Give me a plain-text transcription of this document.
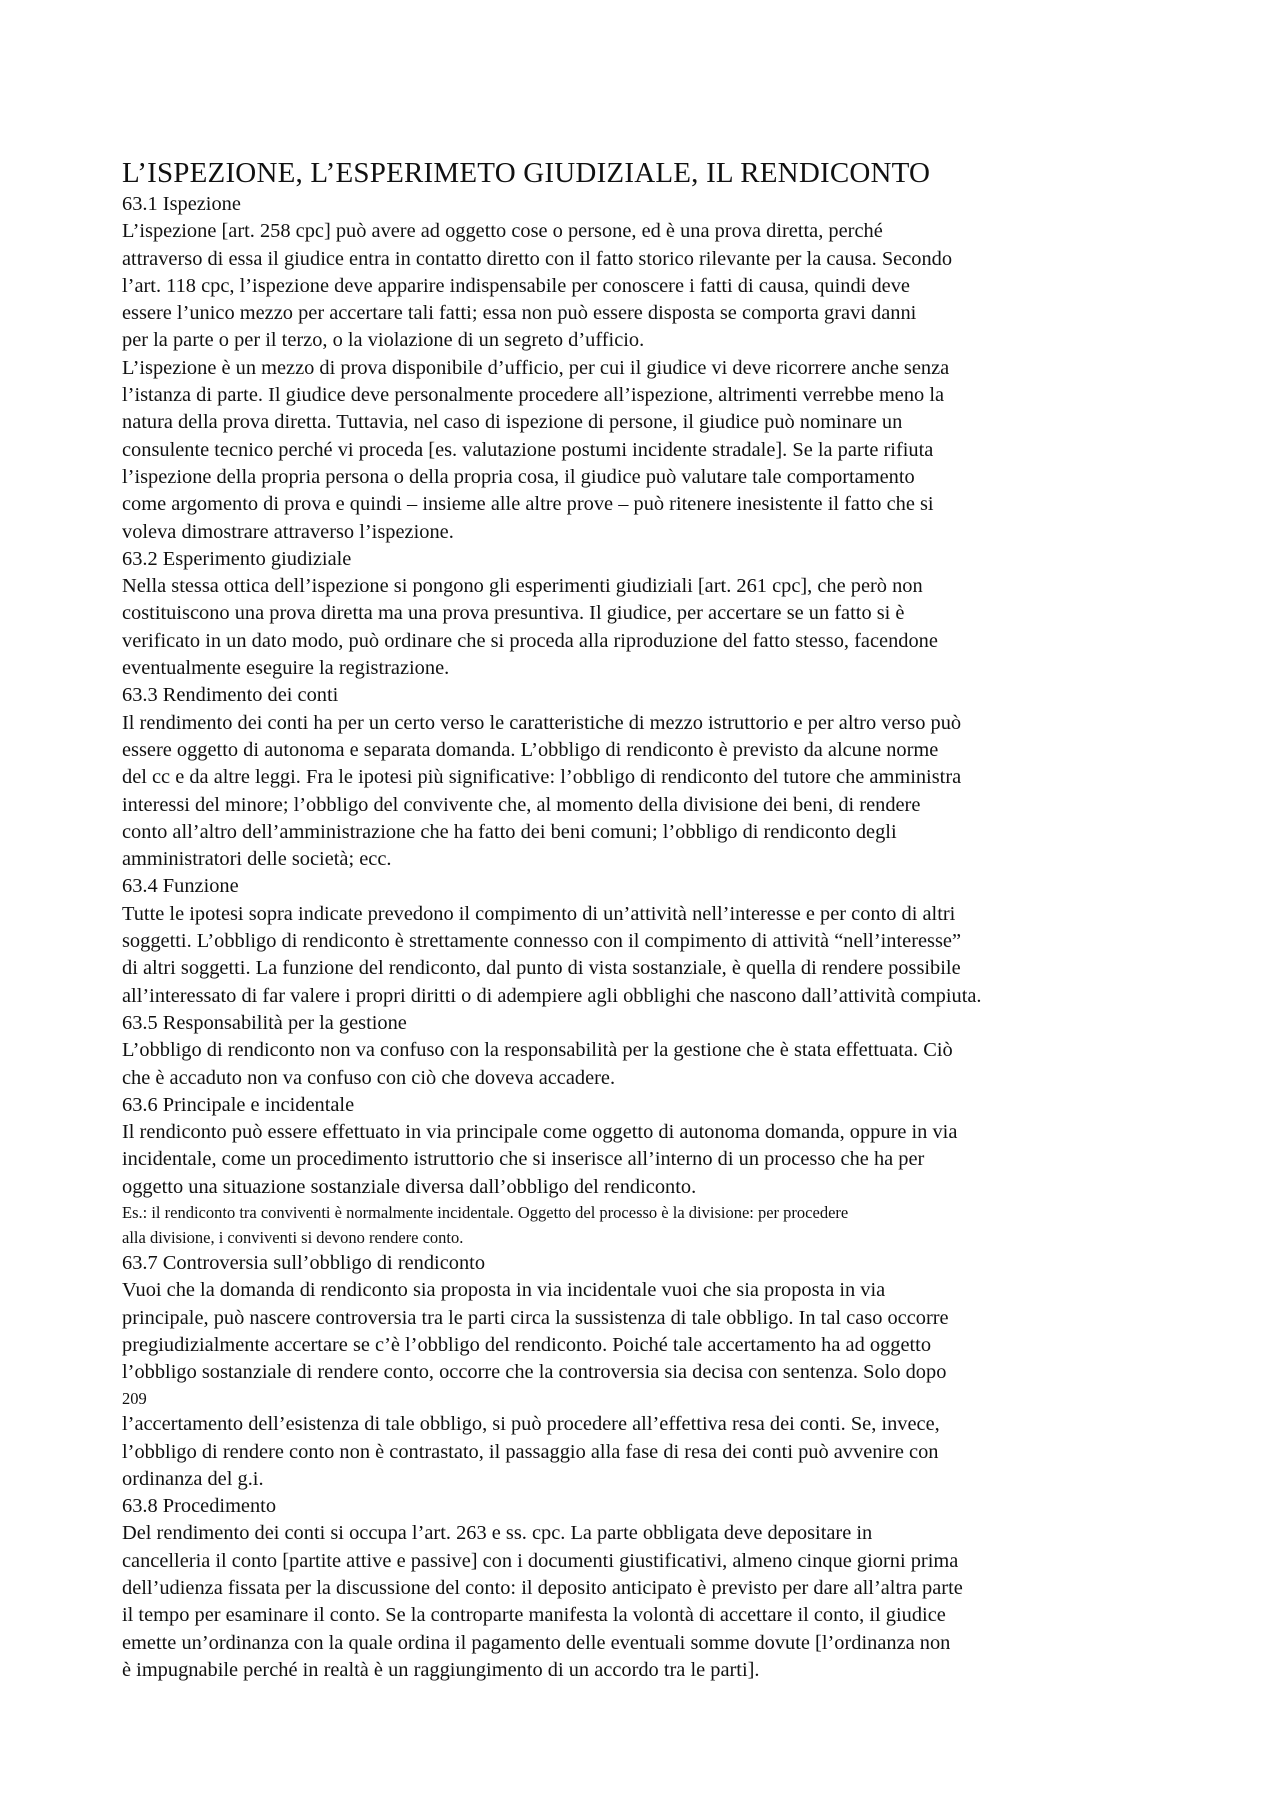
L’ISPEZIONE, L’ESPERIMETO GIUDIZIALE, IL RENDICONTO
63.1 Ispezione
L’ispezione [art. 258 cpc] può avere ad oggetto cose o persone, ed è una prova diretta, perché
attraverso di essa il giudice entra in contatto diretto con il fatto storico rilevante per la causa. Secondo
l’art. 118 cpc, l’ispezione deve apparire indispensabile per conoscere i fatti di causa, quindi deve
essere l’unico mezzo per accertare tali fatti; essa non può essere disposta se comporta gravi danni
per la parte o per il terzo, o la violazione di un segreto d’ufficio.
L’ispezione è un mezzo di prova disponibile d’ufficio, per cui il giudice vi deve ricorrere anche senza
l’istanza di parte. Il giudice deve personalmente procedere all’ispezione, altrimenti verrebbe meno la
natura della prova diretta. Tuttavia, nel caso di ispezione di persone, il giudice può nominare un
consulente tecnico perché vi proceda [es. valutazione postumi incidente stradale]. Se la parte rifiuta
l’ispezione della propria persona o della propria cosa, il giudice può valutare tale comportamento
come argomento di prova e quindi – insieme alle altre prove – può ritenere inesistente il fatto che si
voleva dimostrare attraverso l’ispezione.
63.2 Esperimento giudiziale
Nella stessa ottica dell’ispezione si pongono gli esperimenti giudiziali [art. 261 cpc], che però non
costituiscono una prova diretta ma una prova presuntiva. Il giudice, per accertare se un fatto si è
verificato in un dato modo, può ordinare che si proceda alla riproduzione del fatto stesso, facendone
eventualmente eseguire la registrazione.
63.3 Rendimento dei conti
Il rendimento dei conti ha per un certo verso le caratteristiche di mezzo istruttorio e per altro verso può
essere oggetto di autonoma e separata domanda. L’obbligo di rendiconto è previsto da alcune norme
del cc e da altre leggi. Fra le ipotesi più significative: l’obbligo di rendiconto del tutore che amministra
interessi del minore; l’obbligo del convivente che, al momento della divisione dei beni, di rendere
conto all’altro dell’amministrazione che ha fatto dei beni comuni; l’obbligo di rendiconto degli
amministratori delle società; ecc.
63.4 Funzione
Tutte le ipotesi sopra indicate prevedono il compimento di un’attività nell’interesse e per conto di altri
soggetti. L’obbligo di rendiconto è strettamente connesso con il compimento di attività “nell’interesse”
di altri soggetti. La funzione del rendiconto, dal punto di vista sostanziale, è quella di rendere possibile
all’interessato di far valere i propri diritti o di adempiere agli obblighi che nascono dall’attività compiuta.
63.5 Responsabilità per la gestione
L’obbligo di rendiconto non va confuso con la responsabilità per la gestione che è stata effettuata. Ciò
che è accaduto non va confuso con ciò che doveva accadere.
63.6 Principale e incidentale
Il rendiconto può essere effettuato in via principale come oggetto di autonoma domanda, oppure in via
incidentale, come un procedimento istruttorio che si inserisce all’interno di un processo che ha per
oggetto una situazione sostanziale diversa dall’obbligo del rendiconto.
Es.: il rendiconto tra conviventi è normalmente incidentale. Oggetto del processo è la divisione: per procedere
alla divisione, i conviventi si devono rendere conto.
63.7 Controversia sull’obbligo di rendiconto
Vuoi che la domanda di rendiconto sia proposta in via incidentale vuoi che sia proposta in via
principale, può nascere controversia tra le parti circa la sussistenza di tale obbligo. In tal caso occorre
pregiudizialmente accertare se c’è l’obbligo del rendiconto. Poiché tale accertamento ha ad oggetto
l’obbligo sostanziale di rendere conto, occorre che la controversia sia decisa con sentenza. Solo dopo
209
l’accertamento dell’esistenza di tale obbligo, si può procedere all’effettiva resa dei conti. Se, invece,
l’obbligo di rendere conto non è contrastato, il passaggio alla fase di resa dei conti può avvenire con
ordinanza del g.i.
63.8 Procedimento
Del rendimento dei conti si occupa l’art. 263 e ss. cpc. La parte obbligata deve depositare in
cancelleria il conto [partite attive e passive] con i documenti giustificativi, almeno cinque giorni prima
dell’udienza fissata per la discussione del conto: il deposito anticipato è previsto per dare all’altra parte
il tempo per esaminare il conto. Se la controparte manifesta la volontà di accettare il conto, il giudice
emette un’ordinanza con la quale ordina il pagamento delle eventuali somme dovute [l’ordinanza non
è impugnabile perché in realtà è un raggiungimento di un accordo tra le parti].
